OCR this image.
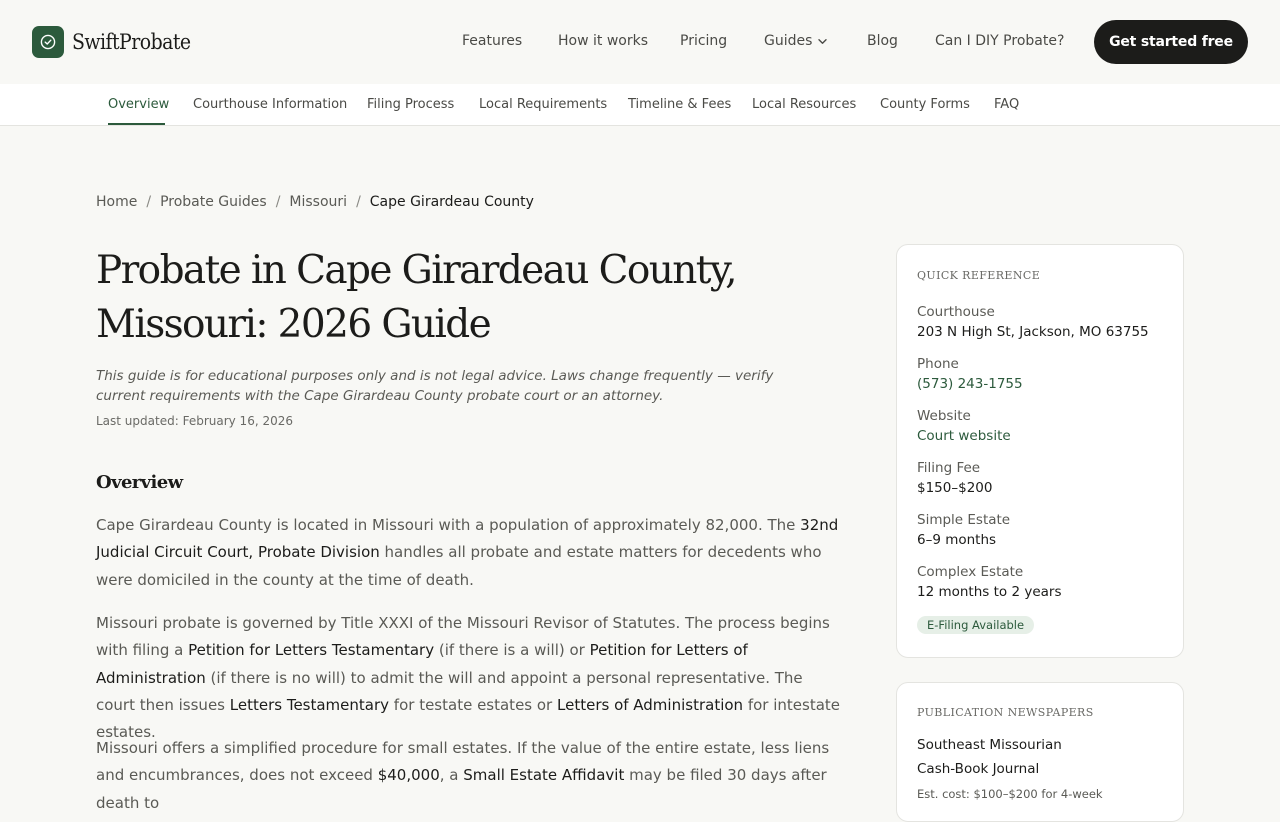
SwiftProbate	Features	How it works Pricing	Guides	Blog	Can I DIY Probate?	Get started free
Overview Courthouse Information Filing Process Local Requirements Timeline & Fees Local Resources County Forms FAQ
Home / Probate Guides / Missouri / Cape Girardeau County
Probate in Cape Girardeau County, Missouri: 2026 Guide

This guide is for educational purposes only and is not legal advice. Laws change frequently — verify current requirements with the Cape Girardeau County probate court or an attorney.

Last updated: February 16, 2026

Overview

Cape Girardeau County is located in Missouri with a population of approximately 82,000. The 32nd Judicial Circuit Court, Probate Division handles all probate and estate matters for decedents who were domiciled in the county at the time of death.

Missouri probate is governed by Title XXXI of the Missouri Revisor of Statutes. The process begins with filing a Petition for Letters Testamentary (if there is a will) or Petition for Letters of Administration (if there is no will) to admit the will and appoint a personal representative. The court then issues Letters Testamentary for testate estates or Letters of Administration for intestate estates.

Missouri offers a simplified procedure for small estates. If the value of the entire estate, less liens and encumbrances, does not exceed $40,000, a Small Estate Affidavit may be filed 30 days after death to

QUICK REFERENCE
Courthouse
203 N High St, Jackson, MO 63755
Phone
(573) 243-1755
Website
Court website
Filing Fee
$150–$200
Simple Estate
6–9 months
Complex Estate
12 months to 2 years
E-Filing Available
PUBLICATION NEWSPAPERS
Southeast Missourian
Cash-Book Journal
Est. cost: $100–$200 for 4-week
